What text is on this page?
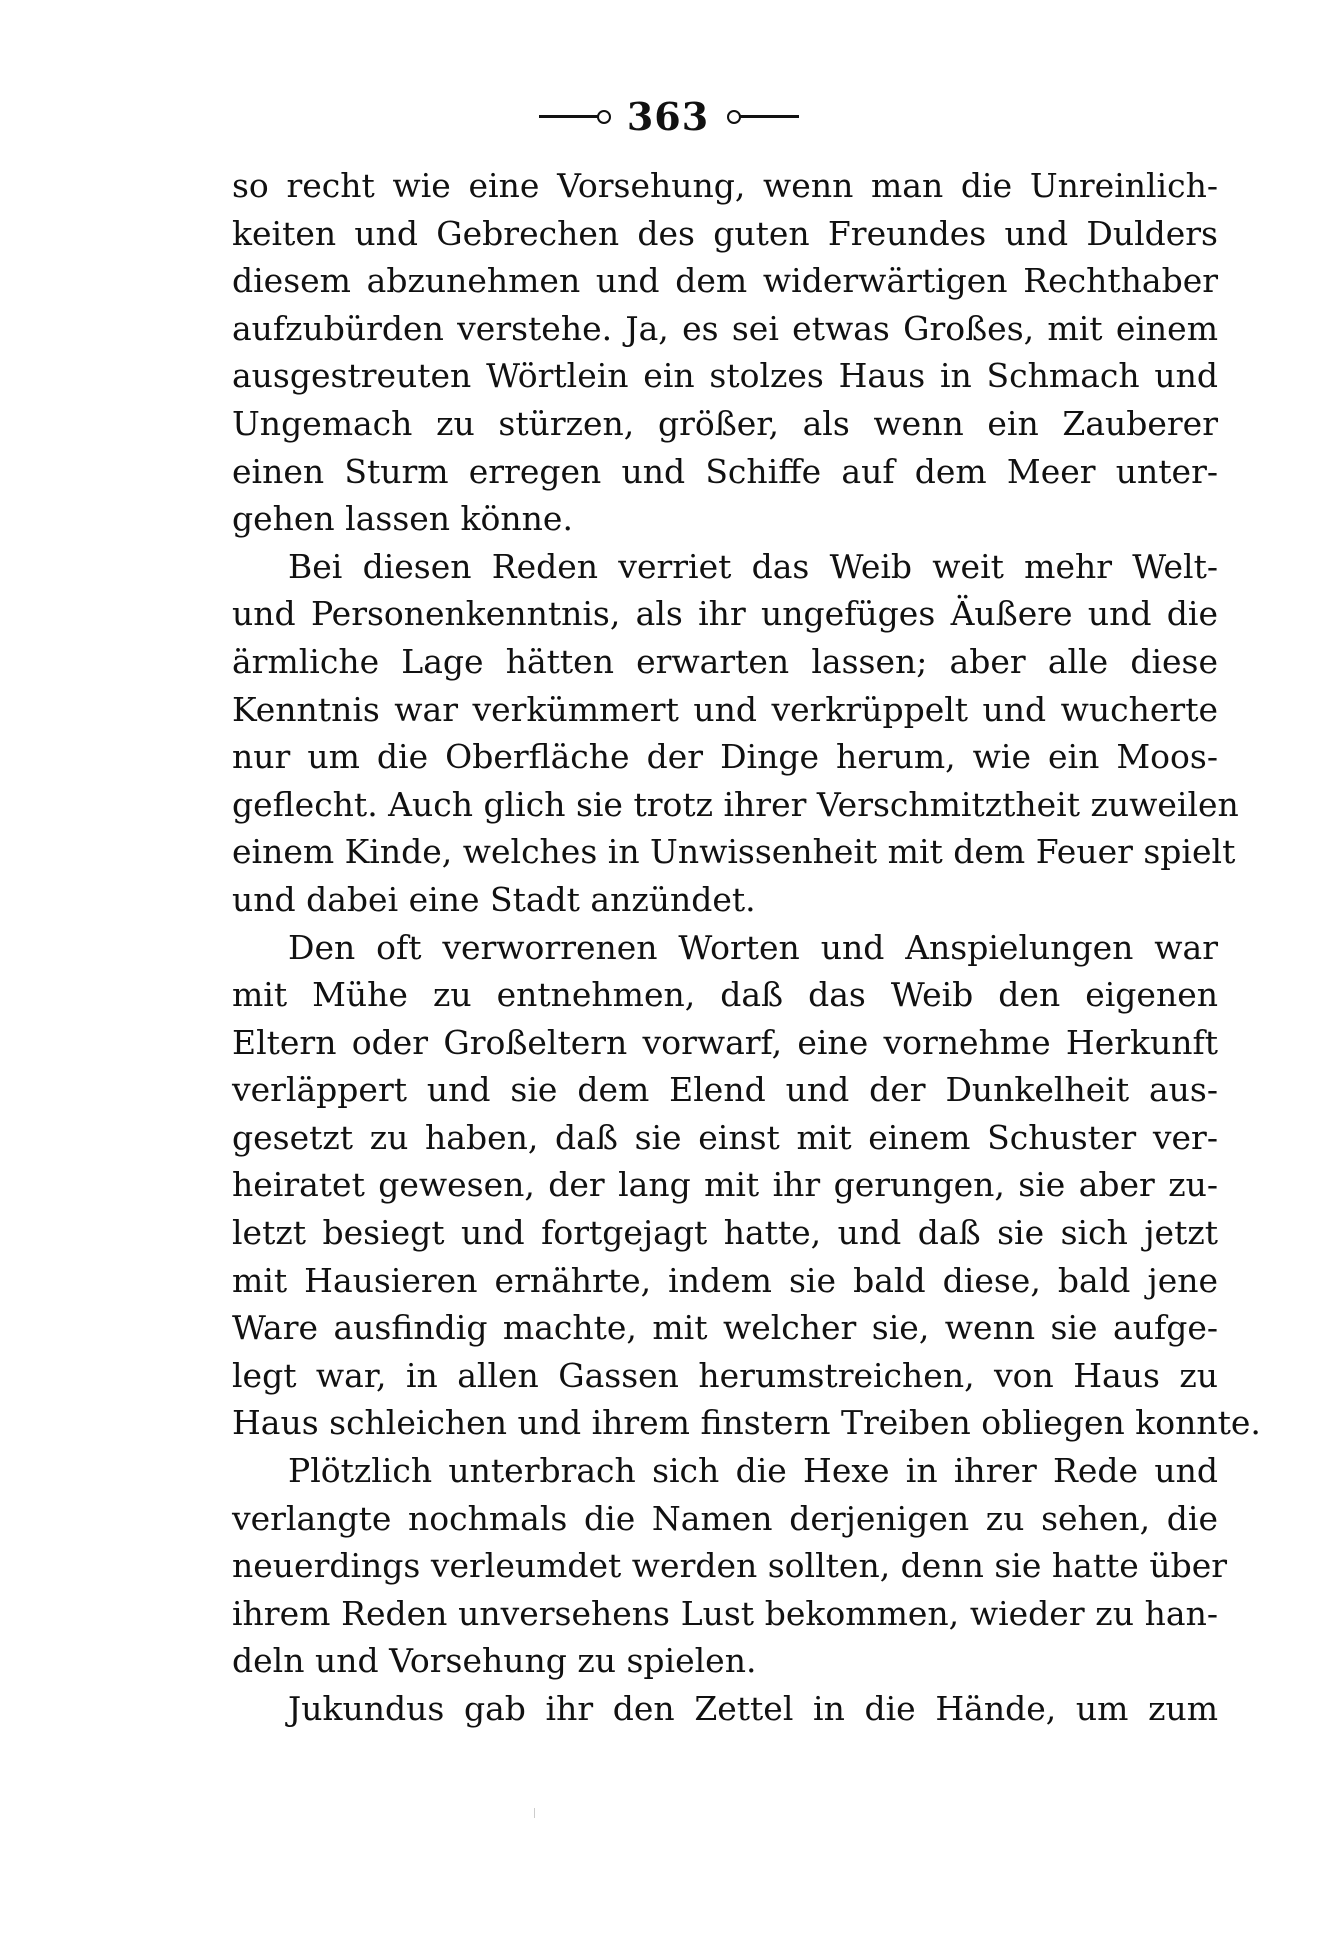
363
so recht wie eine Vorsehung, wenn man die Unreinlich-
keiten und Gebrechen des guten Freundes und Dulders
diesem abzunehmen und dem widerwärtigen Rechthaber
aufzubürden verstehe. Ja, es sei etwas Großes, mit einem
ausgestreuten Wörtlein ein stolzes Haus in Schmach und
Ungemach zu stürzen, größer, als wenn ein Zauberer
einen Sturm erregen und Schiffe auf dem Meer unter-
gehen lassen könne.
Bei diesen Reden verriet das Weib weit mehr Welt-
und Personenkenntnis, als ihr ungefüges Äußere und die
ärmliche Lage hätten erwarten lassen; aber alle diese
Kenntnis war verkümmert und verkrüppelt und wucherte
nur um die Oberfläche der Dinge herum, wie ein Moos-
geflecht. Auch glich sie trotz ihrer Verschmitztheit zuweilen
einem Kinde, welches in Unwissenheit mit dem Feuer spielt
und dabei eine Stadt anzündet.
Den oft verworrenen Worten und Anspielungen war
mit Mühe zu entnehmen, daß das Weib den eigenen
Eltern oder Großeltern vorwarf, eine vornehme Herkunft
verläppert und sie dem Elend und der Dunkelheit aus-
gesetzt zu haben, daß sie einst mit einem Schuster ver-
heiratet gewesen, der lang mit ihr gerungen, sie aber zu-
letzt besiegt und fortgejagt hatte, und daß sie sich jetzt
mit Hausieren ernährte, indem sie bald diese, bald jene
Ware ausfindig machte, mit welcher sie, wenn sie aufge-
legt war, in allen Gassen herumstreichen, von Haus zu
Haus schleichen und ihrem finstern Treiben obliegen konnte.
Plötzlich unterbrach sich die Hexe in ihrer Rede und
verlangte nochmals die Namen derjenigen zu sehen, die
neuerdings verleumdet werden sollten, denn sie hatte über
ihrem Reden unversehens Lust bekommen, wieder zu han-
deln und Vorsehung zu spielen.
Jukundus gab ihr den Zettel in die Hände, um zum
